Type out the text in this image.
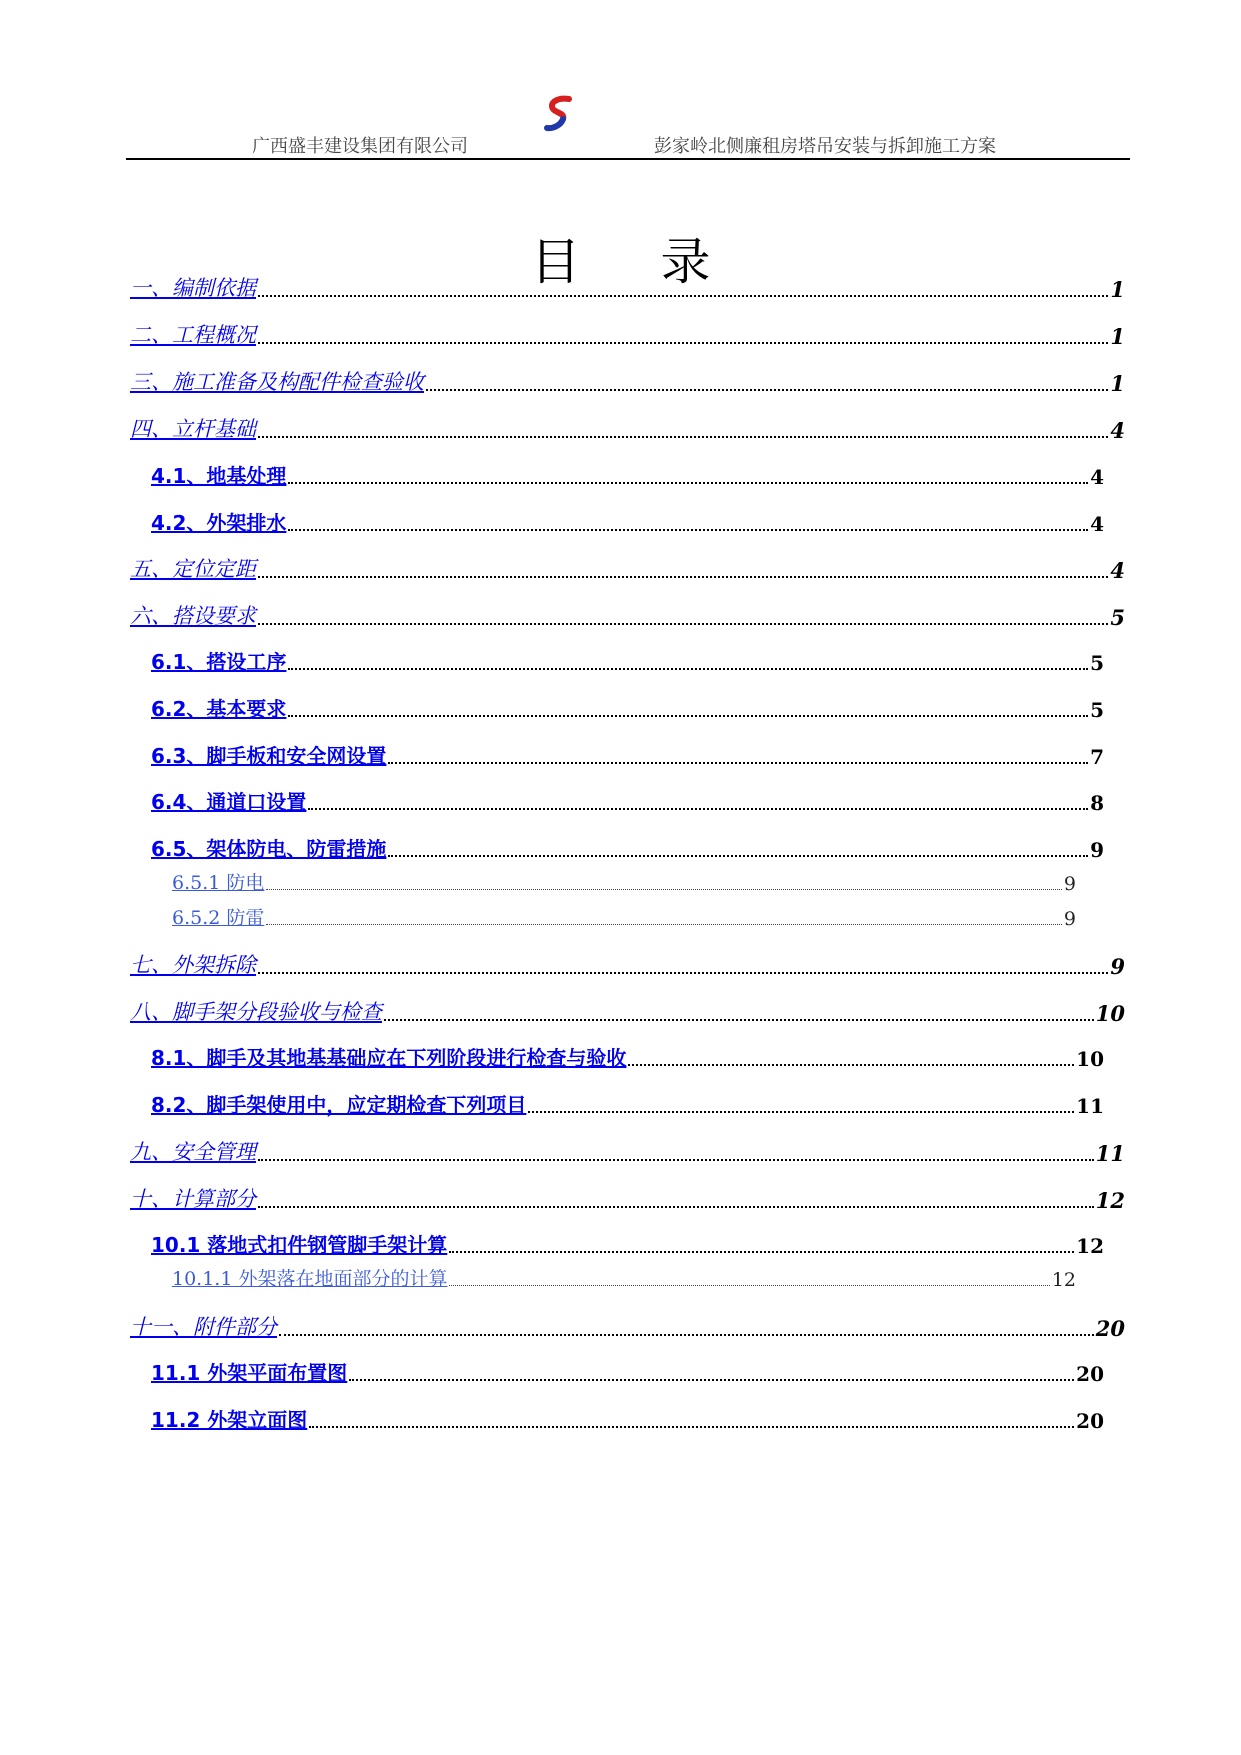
广西盛丰建设集团有限公司	彭家岭北侧廉租房塔吊安装与拆卸施工方案
目录
一、编制依据	1
二、工程概况	1
三、施工准备及构配件检查验收	1
四、立杆基础	4
4.1、地基处理	4
4.2、外架排水	4
五、定位定距	4
六、搭设要求	5
6.1、搭设工序	5
6.2、基本要求	5
6.3、脚手板和安全网设置	7
6.4、通道口设置	8
6.5、架体防电、防雷措施	9
6.5.1 防电	9
6.5.2 防雷	9
七、外架拆除	9
八、脚手架分段验收与检查	10
8.1、脚手及其地基基础应在下列阶段进行检查与验收	10
8.2、脚手架使用中，应定期检查下列项目	11
九、安全管理	11
十、计算部分	12
10.1 落地式扣件钢管脚手架计算	12
10.1.1 外架落在地面部分的计算	12
十一、附件部分	20
11.1 外架平面布置图	20
11.2 外架立面图	20
